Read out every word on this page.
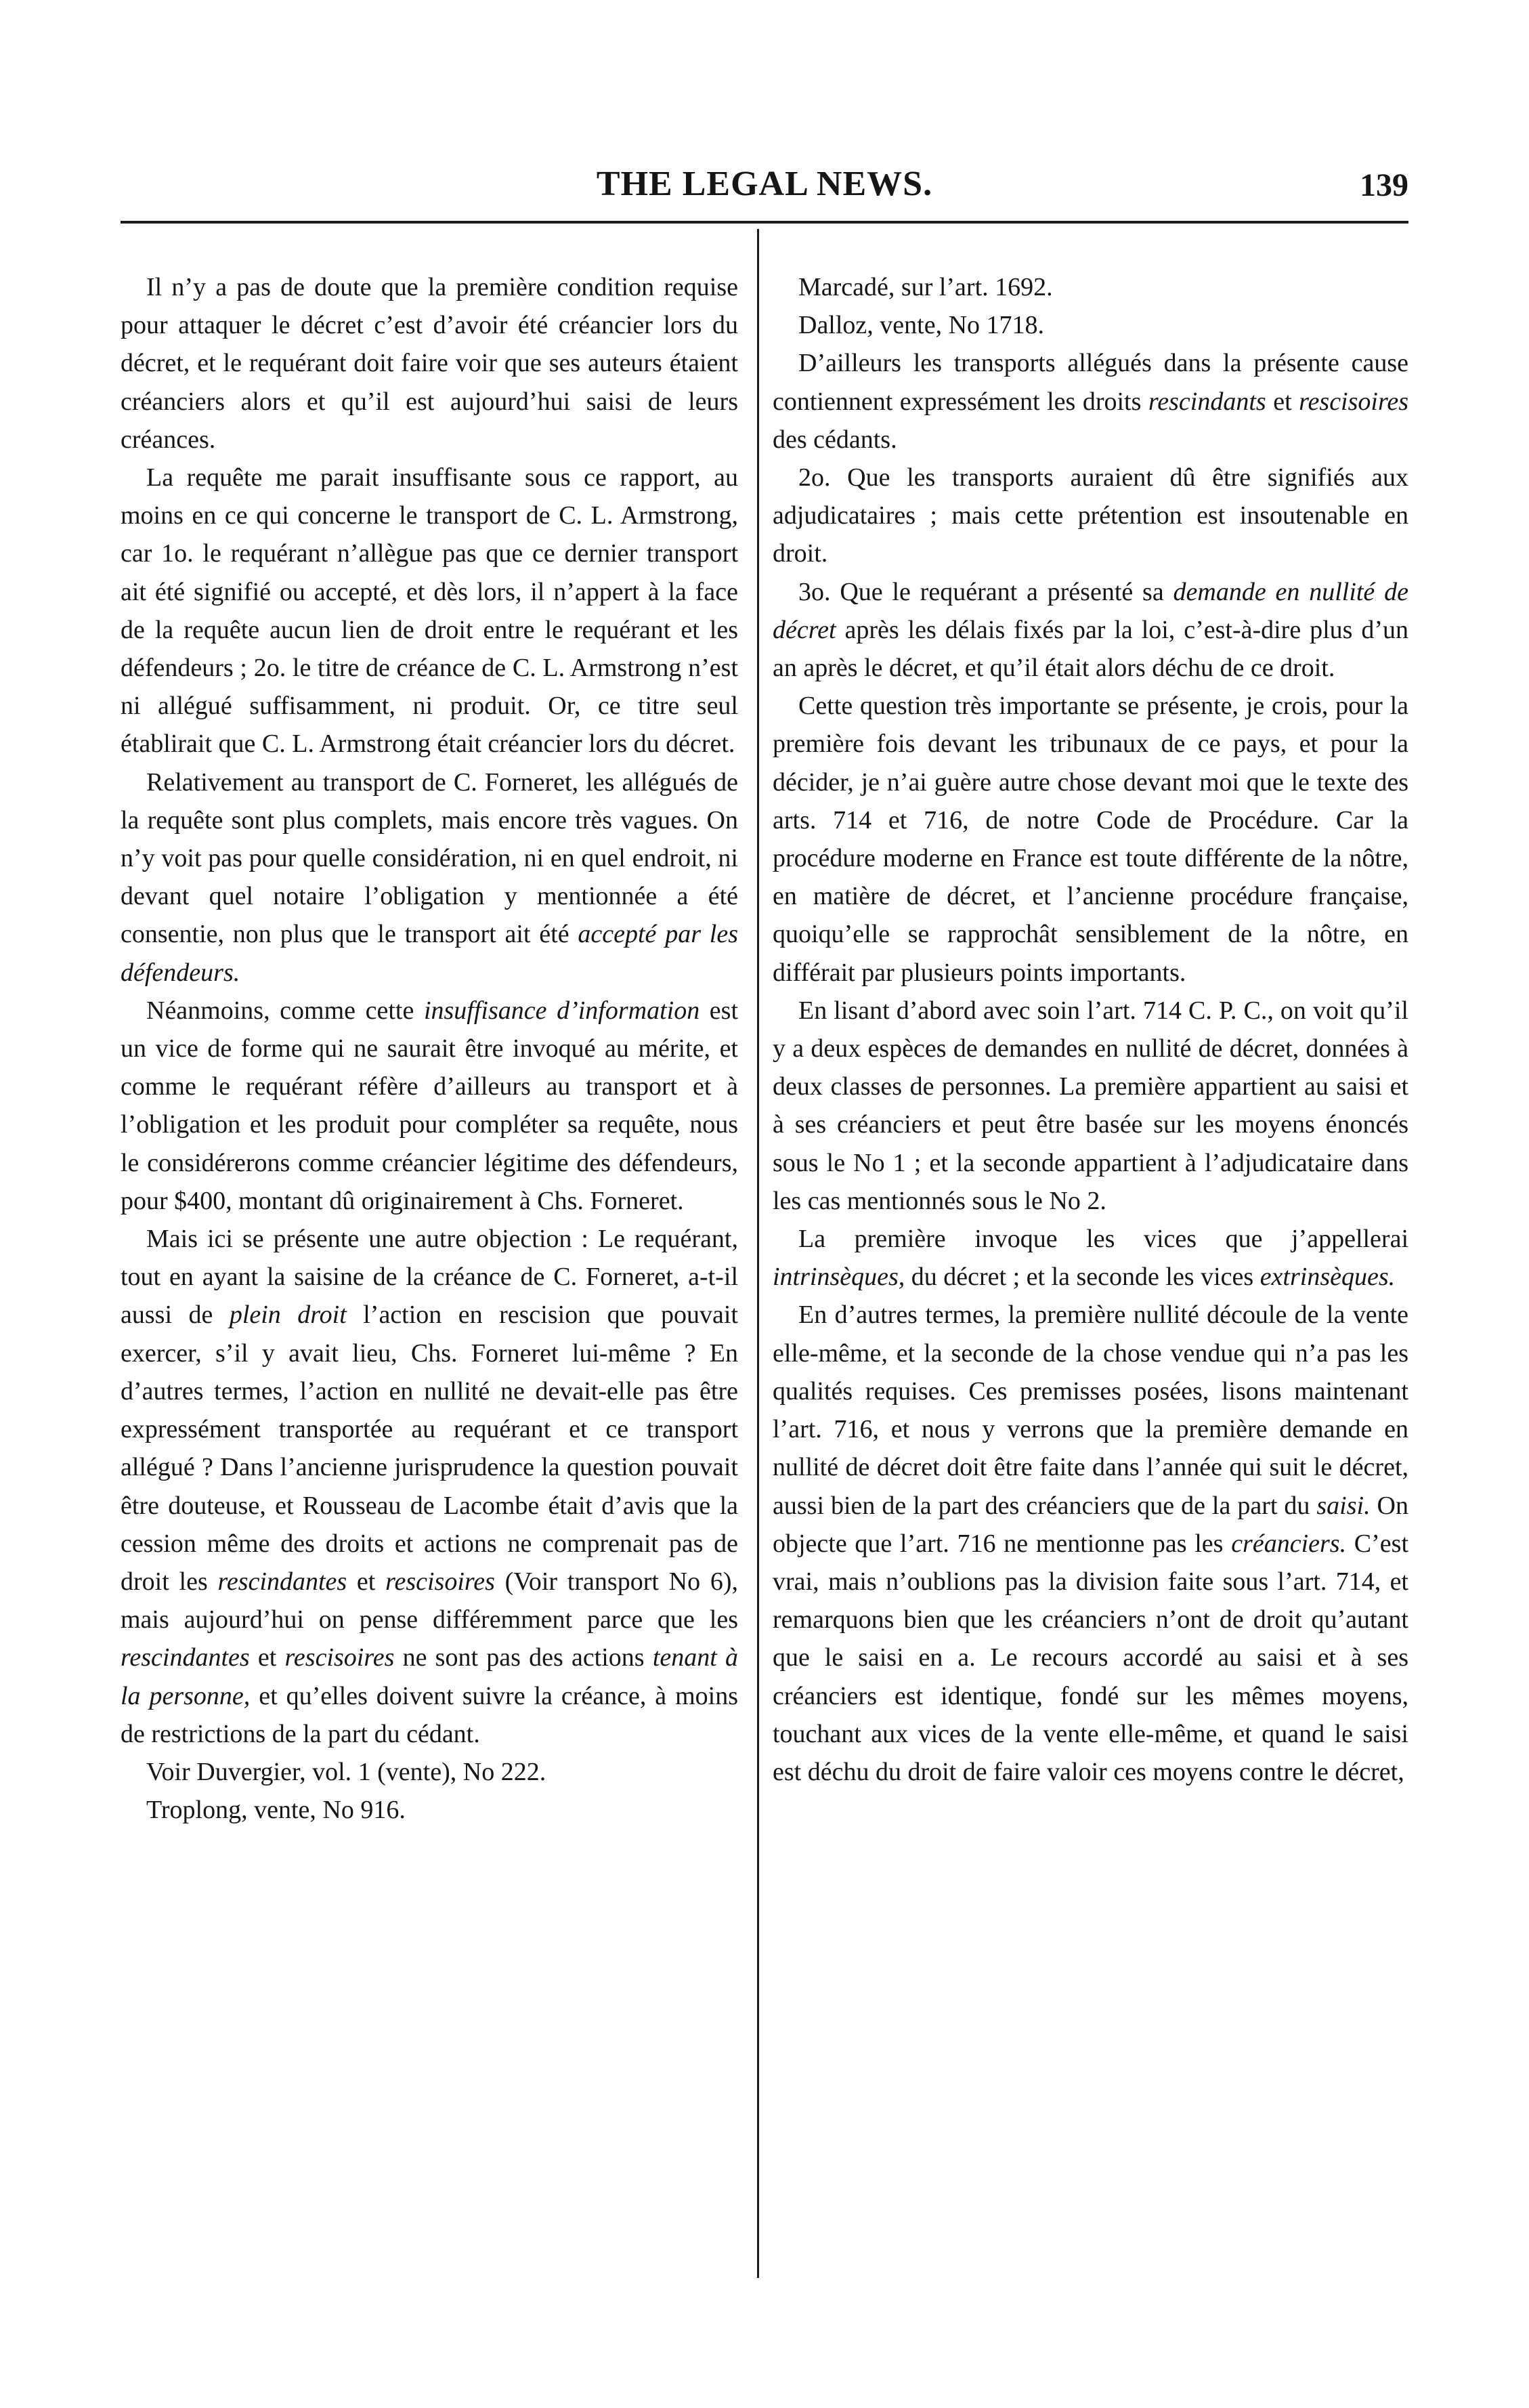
THE LEGAL NEWS.	139

Il n’y a pas de doute que la première condition requise pour attaquer le décret c’est d’avoir été créancier lors du décret, et le requérant doit faire voir que ses auteurs étaient créanciers alors et qu’il est aujourd’hui saisi de leurs créances.

La requête me parait insuffisante sous ce rapport, au moins en ce qui concerne le transport de C. L. Armstrong, car 1o. le requérant n’allègue pas que ce dernier transport ait été signifié ou accepté, et dès lors, il n’appert à la face de la requête aucun lien de droit entre le requérant et les défendeurs ; 2o. le titre de créance de C. L. Armstrong n’est ni allégué suffisamment, ni produit. Or, ce titre seul établirait que C. L. Armstrong était créancier lors du décret.

Relativement au transport de C. Forneret, les allégués de la requête sont plus complets, mais encore très vagues. On n’y voit pas pour quelle considération, ni en quel endroit, ni devant quel notaire l’obligation y mentionnée a été consentie, non plus que le transport ait été accepté par les défendeurs.

Néanmoins, comme cette insuffisance d’information est un vice de forme qui ne saurait être invoqué au mérite, et comme le requérant réfère d’ailleurs au transport et à l’obligation et les produit pour compléter sa requête, nous le considérerons comme créancier légitime des défendeurs, pour $400, montant dû originairement à Chs. Forneret.

Mais ici se présente une autre objection : Le requérant, tout en ayant la saisine de la créance de C. Forneret, a-t-il aussi de plein droit l’action en rescision que pouvait exercer, s’il y avait lieu, Chs. Forneret lui-même ? En d’autres termes, l’action en nullité ne devait-elle pas être expressément transportée au requérant et ce transport allégué ? Dans l’ancienne jurisprudence la question pouvait être douteuse, et Rousseau de Lacombe était d’avis que la cession même des droits et actions ne comprenait pas de droit les rescindantes et rescisoires (Voir transport No 6), mais aujourd’hui on pense différemment parce que les rescindantes et rescisoires ne sont pas des actions tenant à la personne, et qu’elles doivent suivre la créance, à moins de restrictions de la part du cédant.

Voir Duvergier, vol. 1 (vente), No 222.

Troplong, vente, No 916.

Marcadé, sur l’art. 1692.

Dalloz, vente, No 1718.

D’ailleurs les transports allégués dans la présente cause contiennent expressément les droits rescindants et rescisoires des cédants.

2o. Que les transports auraient dû être signifiés aux adjudicataires ; mais cette prétention est insoutenable en droit.

3o. Que le requérant a présenté sa demande en nullité de décret après les délais fixés par la loi, c’est-à-dire plus d’un an après le décret, et qu’il était alors déchu de ce droit.

Cette question très importante se présente, je crois, pour la première fois devant les tribunaux de ce pays, et pour la décider, je n’ai guère autre chose devant moi que le texte des arts. 714 et 716, de notre Code de Procédure. Car la procédure moderne en France est toute différente de la nôtre, en matière de décret, et l’ancienne procédure française, quoiqu’elle se rapprochât sensiblement de la nôtre, en différait par plusieurs points importants.

En lisant d’abord avec soin l’art. 714 C. P. C., on voit qu’il y a deux espèces de demandes en nullité de décret, données à deux classes de personnes. La première appartient au saisi et à ses créanciers et peut être basée sur les moyens énoncés sous le No 1 ; et la seconde appartient à l’adjudicataire dans les cas mentionnés sous le No 2.

La première invoque les vices que j’appellerai intrinsèques, du décret ; et la seconde les vices extrinsèques.

En d’autres termes, la première nullité découle de la vente elle-même, et la seconde de la chose vendue qui n’a pas les qualités requises. Ces premisses posées, lisons maintenant l’art. 716, et nous y verrons que la première demande en nullité de décret doit être faite dans l’année qui suit le décret, aussi bien de la part des créanciers que de la part du saisi. On objecte que l’art. 716 ne mentionne pas les créanciers. C’est vrai, mais n’oublions pas la division faite sous l’art. 714, et remarquons bien que les créanciers n’ont de droit qu’autant que le saisi en a. Le recours accordé au saisi et à ses créanciers est identique, fondé sur les mêmes moyens, touchant aux vices de la vente elle-même, et quand le saisi est déchu du droit de faire valoir ces moyens contre le décret,
